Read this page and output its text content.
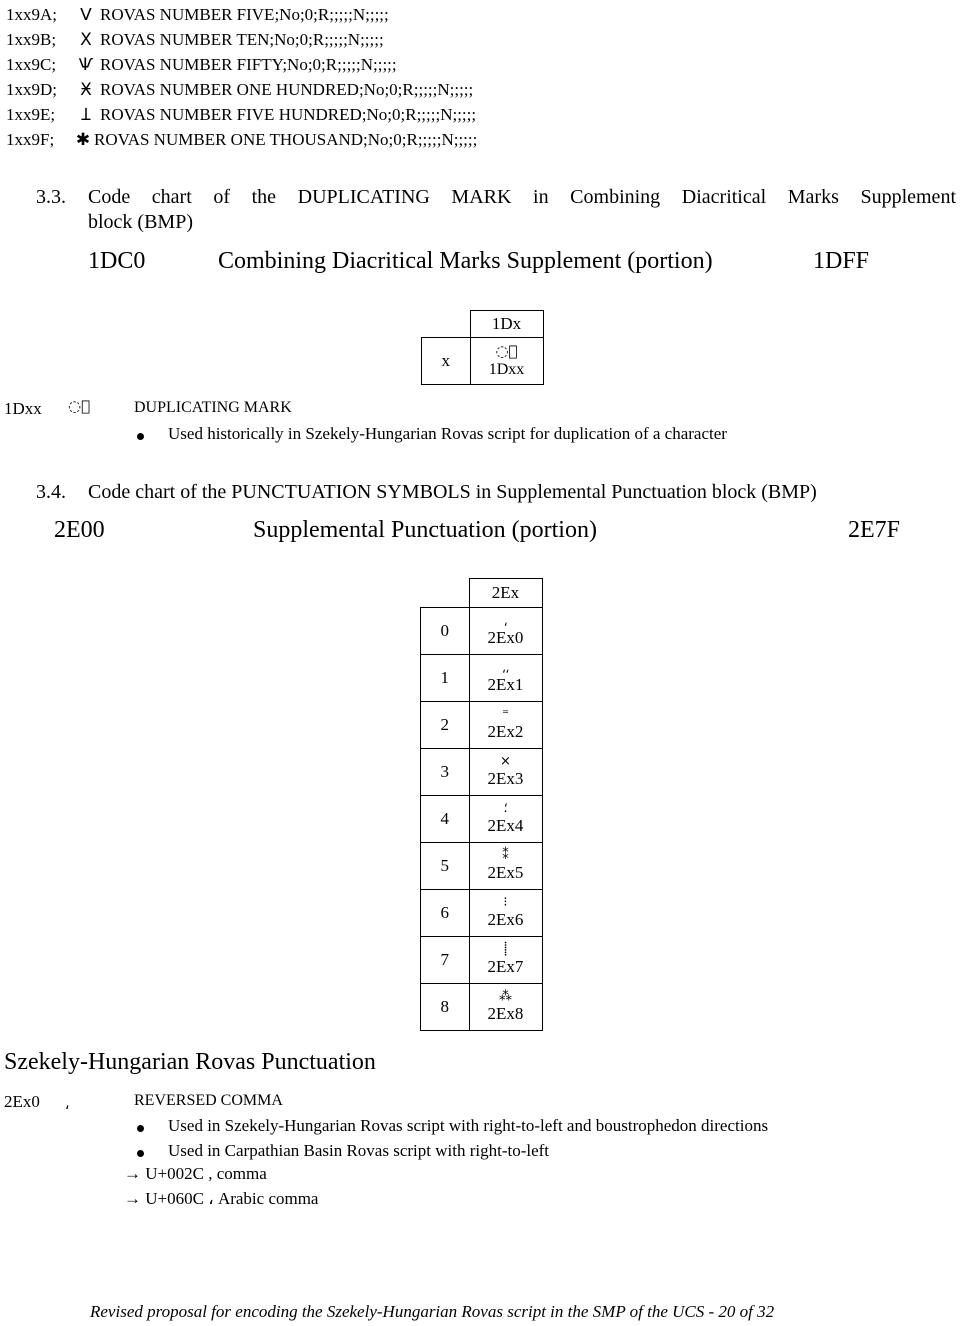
1xx9A; ᐯ ROVAS NUMBER FIVE;No;0;R;;;;;N;;;;;
1xx9B; Ⅹ ROVAS NUMBER TEN;No;0;R;;;;;N;;;;;
1xx9C; Ѱ ROVAS NUMBER FIFTY;No;0;R;;;;;N;;;;;
1xx9D; Ӿ ROVAS NUMBER ONE HUNDRED;No;0;R;;;;;N;;;;;
1xx9E; Ʇ ROVAS NUMBER FIVE HUNDRED;No;0;R;;;;;N;;;;;
1xx9F; ✱ ROVAS NUMBER ONE THOUSAND;No;0;R;;;;;N;;;;;
3.3. Code chart of the DUPLICATING MARK in Combining Diacritical Marks Supplement
block (BMP)
1DC0	Combining Diacritical Marks Supplement (portion)	1DFF
	1Dx
x	◌᷍
1Dxx
1Dxx ◌᷍	DUPLICATING MARK
Used historically in Szekely-Hungarian Rovas script for duplication of a character
3.4. Code chart of the PUNCTUATION SYMBOLS in Supplemental Punctuation block (BMP)
2E00	Supplemental Punctuation (portion)	2E7F
	2Ex
0	⸲
2Ex0

1	⸲⸲
2Ex1

2	⁼
2Ex2

3	×
2Ex3

4	⸵
2Ex4

5	⁑
2Ex5

6	⁝
2Ex6

7	⸽
2Ex7

8	⁂
2Ex8
Szekely-Hungarian Rovas Punctuation
2Ex0 ⸲	REVERSED COMMA
Used in Szekely-Hungarian Rovas script with right-to-left and boustrophedon directions
Used in Carpathian Basin Rovas script with right-to-left
→ U+002C , comma
→ U+060C ، Arabic comma
Revised proposal for encoding the Szekely-Hungarian Rovas script in the SMP of the UCS - 20 of 32
